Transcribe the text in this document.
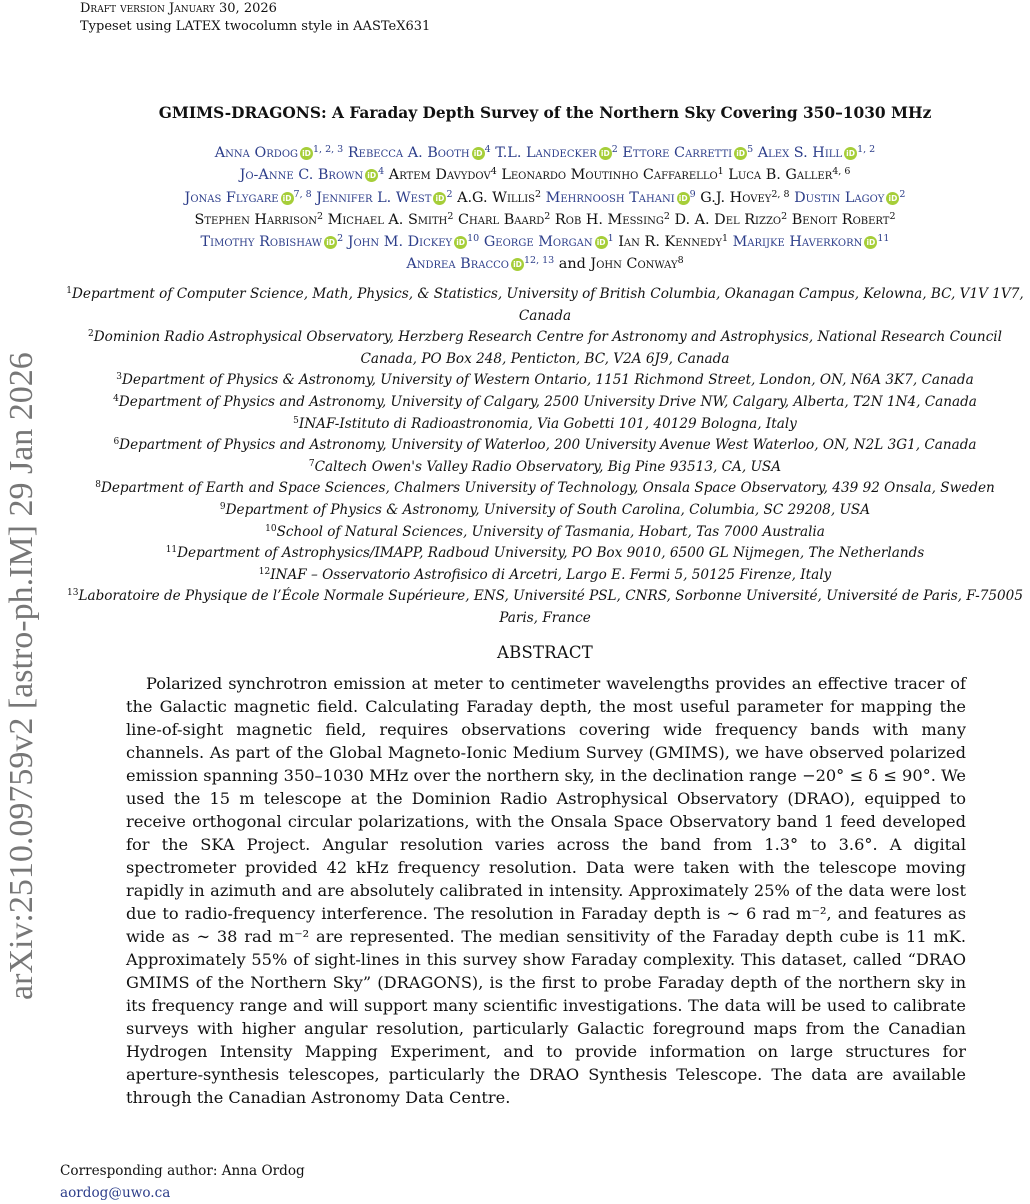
Draft version January 30, 2026
Typeset using LATEX twocolumn style in AASTeX631
arXiv:2510.09759v2 [astro-ph.IM] 29 Jan 2026
GMIMS-DRAGONS: A Faraday Depth Survey of the Northern Sky Covering 350–1030 MHz
Anna Ordog iD $^{1, 2, 3}$ Rebecca A. Booth iD $^4$ T.L. Landecker iD $^2$ Ettore Carretti iD $^5$ Alex S. Hill iD $^{1, 2}$
Jo-Anne C. Brown iD $^4$ Artem Davydov$^4$ Leonardo Moutinho Caffarello$^1$ Luca B. Galler$^{4, 6}$
Jonas Flygare iD $^{7, 8}$ Jennifer L. West iD $^2$ A.G. Willis$^2$ Mehrnoosh Tahani iD $^9$ G.J. Hovey$^{2, 8}$ Dustin Lagoy iD $^2$
Stephen Harrison$^2$ Michael A. Smith$^2$ Charl Baard$^2$ Rob H. Messing$^2$ D. A. Del Rizzo$^2$ Benoit Robert$^2$
Timothy Robishaw iD $^2$ John M. Dickey iD $^{10}$ George Morgan iD $^1$ Ian R. Kennedy$^1$ Marijke Haverkorn iD $^{11}$
Andrea Bracco iD $^{12, 13}$ and John Conway$^8$

$^1$Department of Computer Science, Math, Physics, & Statistics, University of British Columbia, Okanagan Campus, Kelowna, BC, V1V 1V7, Canada

$^2$Dominion Radio Astrophysical Observatory, Herzberg Research Centre for Astronomy and Astrophysics, National Research Council Canada, PO Box 248, Penticton, BC, V2A 6J9, Canada

$^3$Department of Physics & Astronomy, University of Western Ontario, 1151 Richmond Street, London, ON, N6A 3K7, Canada

$^4$Department of Physics and Astronomy, University of Calgary, 2500 University Drive NW, Calgary, Alberta, T2N 1N4, Canada

$^5$INAF-Istituto di Radioastronomia, Via Gobetti 101, 40129 Bologna, Italy

$^6$Department of Physics and Astronomy, University of Waterloo, 200 University Avenue West Waterloo, ON, N2L 3G1, Canada

$^7$Caltech Owen's Valley Radio Observatory, Big Pine 93513, CA, USA

$^8$Department of Earth and Space Sciences, Chalmers University of Technology, Onsala Space Observatory, 439 92 Onsala, Sweden

$^9$Department of Physics & Astronomy, University of South Carolina, Columbia, SC 29208, USA

$^{10}$School of Natural Sciences, University of Tasmania, Hobart, Tas 7000 Australia

$^{11}$Department of Astrophysics/IMAPP, Radboud University, PO Box 9010, 6500 GL Nijmegen, The Netherlands

$^{12}$INAF – Osservatorio Astrofisico di Arcetri, Largo E. Fermi 5, 50125 Firenze, Italy

$^{13}$Laboratoire de Physique de l’École Normale Supérieure, ENS, Université PSL, CNRS, Sorbonne Université, Université de Paris, F-75005 Paris, France

ABSTRACT

Polarized synchrotron emission at meter to centimeter wavelengths provides an effective tracer of the Galactic magnetic field. Calculating Faraday depth, the most useful parameter for mapping the line-of-sight magnetic field, requires observations covering wide frequency bands with many channels. As part of the Global Magneto-Ionic Medium Survey (GMIMS), we have observed polarized emission spanning 350–1030 MHz over the northern sky, in the declination range −20° ≤ δ ≤ 90°. We used the 15 m telescope at the Dominion Radio Astrophysical Observatory (DRAO), equipped to receive orthogonal circular polarizations, with the Onsala Space Observatory band 1 feed developed for the SKA Project. Angular resolution varies across the band from 1.3° to 3.6°. A digital spectrometer provided 42 kHz frequency resolution. Data were taken with the telescope moving rapidly in azimuth and are absolutely calibrated in intensity. Approximately 25% of the data were lost due to radio-frequency interference. The resolution in Faraday depth is ∼ 6 rad m⁻², and features as wide as ∼ 38 rad m⁻² are represented. The median sensitivity of the Faraday depth cube is 11 mK. Approximately 55% of sight-lines in this survey show Faraday complexity. This dataset, called “DRAO GMIMS of the Northern Sky” (DRAGONS), is the first to probe Faraday depth of the northern sky in its frequency range and will support many scientific investigations. The data will be used to calibrate surveys with higher angular resolution, particularly Galactic foreground maps from the Canadian Hydrogen Intensity Mapping Experiment, and to provide information on large structures for aperture-synthesis telescopes, particularly the DRAO Synthesis Telescope. The data are available through the Canadian Astronomy Data Centre.

Corresponding author: Anna Ordog
aordog@uwo.ca
